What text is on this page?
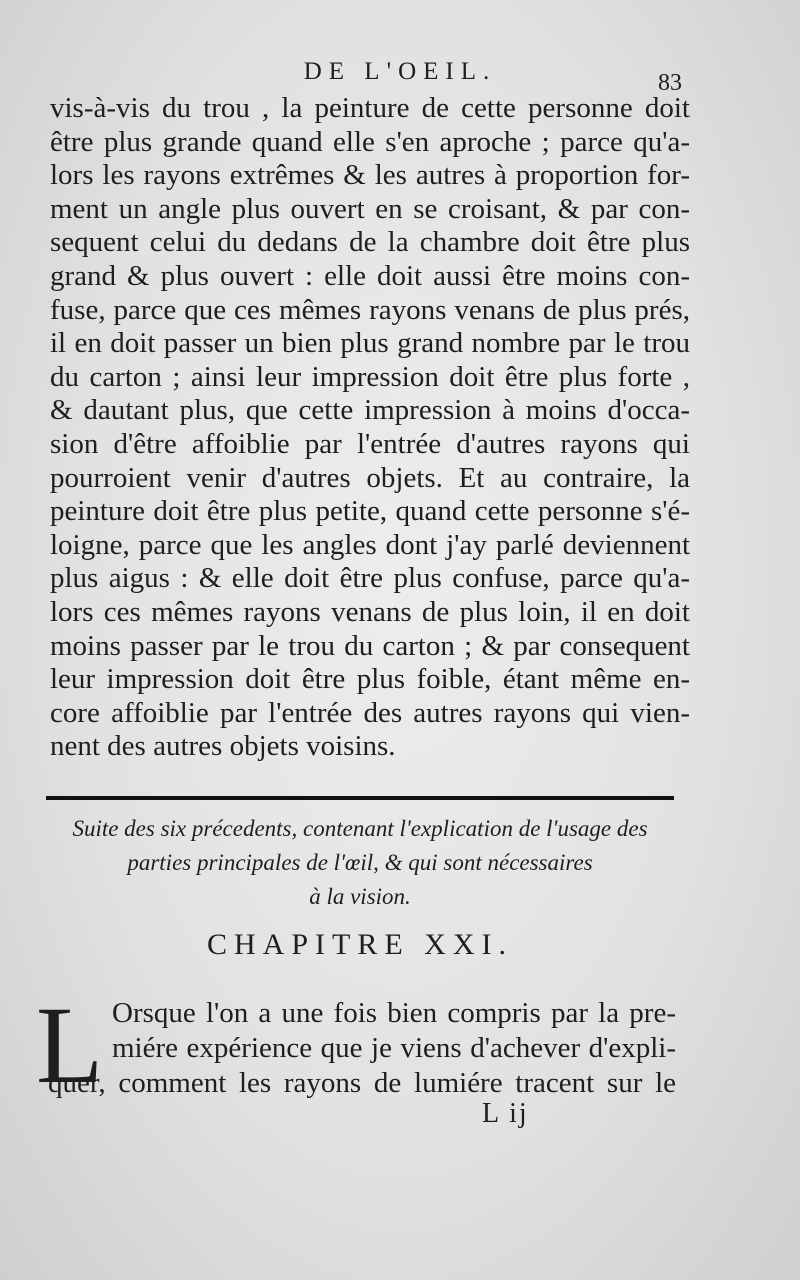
DE L'OEIL.	83
vis-à-vis du trou , la peinture de cette personne doit
être plus grande quand elle s'en aproche ; parce qu'a-
lors les rayons extrêmes & les autres à proportion for-
ment un angle plus ouvert en se croisant, & par con-
sequent celui du dedans de la chambre doit être plus
grand & plus ouvert : elle doit aussi être moins con-
fuse, parce que ces mêmes rayons venans de plus prés,
il en doit passer un bien plus grand nombre par le trou
du carton ; ainsi leur impression doit être plus forte ,
& dautant plus, que cette impression à moins d'occa-
sion d'être affoiblie par l'entrée d'autres rayons qui
pourroient venir d'autres objets. Et au contraire, la
peinture doit être plus petite, quand cette personne s'é-
loigne, parce que les angles dont j'ay parlé deviennent
plus aigus : & elle doit être plus confuse, parce qu'a-
lors ces mêmes rayons venans de plus loin, il en doit
moins passer par le trou du carton ; & par consequent
leur impression doit être plus foible, étant même en-
core affoiblie par l'entrée des autres rayons qui vien-
nent des autres objets voisins.
Suite des six précedents, contenant l'explication de l'usage des
parties principales de l'œil, & qui sont nécessaires
à la vision.
CHAPITRE XXI.
L Orsque l'on a une fois bien compris par la pre-
miére expérience que je viens d'achever d'expli-
quer, comment les rayons de lumiére tracent sur le
L ij
